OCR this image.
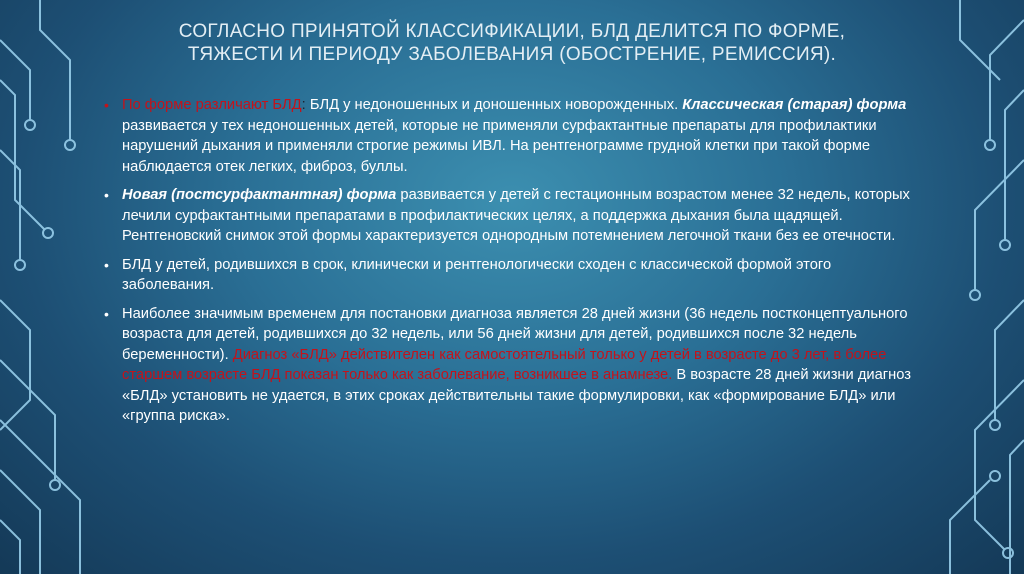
СОГЛАСНО ПРИНЯТОЙ КЛАССИФИКАЦИИ, БЛД ДЕЛИТСЯ ПО ФОРМЕ, ТЯЖЕСТИ И ПЕРИОДУ ЗАБОЛЕВАНИЯ (ОБОСТРЕНИЕ, РЕМИССИЯ).
• По форме различают БЛД: БЛД у недоношенных и доношенных новорожденных. Классическая (старая) форма развивается у тех недоношенных детей, которые не применяли сурфактантные препараты для профилактики нарушений дыхания и применяли строгие режимы ИВЛ. На рентгенограмме грудной клетки при такой форме наблюдается отек легких, фиброз, буллы.
• Новая (постсурфактантная) форма развивается у детей с гестационным возрастом менее 32 недель, которых лечили сурфактантными препаратами в профилактических целях, а поддержка дыхания была щадящей. Рентгеновский снимок этой формы характеризуется однородным потемнением легочной ткани без ее отечности.
• БЛД у детей, родившихся в срок, клинически и рентгенологически сходен с классической формой этого заболевания.
• Наиболее значимым временем для постановки диагноза является 28 дней жизни (36 недель постконцептуального возраста для детей, родившихся до 32 недель, или 56 дней жизни для детей, родившихся после 32 недель беременности). Диагноз «БЛД» действителен как самостоятельный только у детей в возрасте до 3 лет, в более старшем возрасте БЛД показан только как заболевание, возникшее в анамнезе. В возрасте 28 дней жизни диагноз «БЛД» установить не удается, в этих сроках действительны такие формулировки, как «формирование БЛД» или «группа риска».
